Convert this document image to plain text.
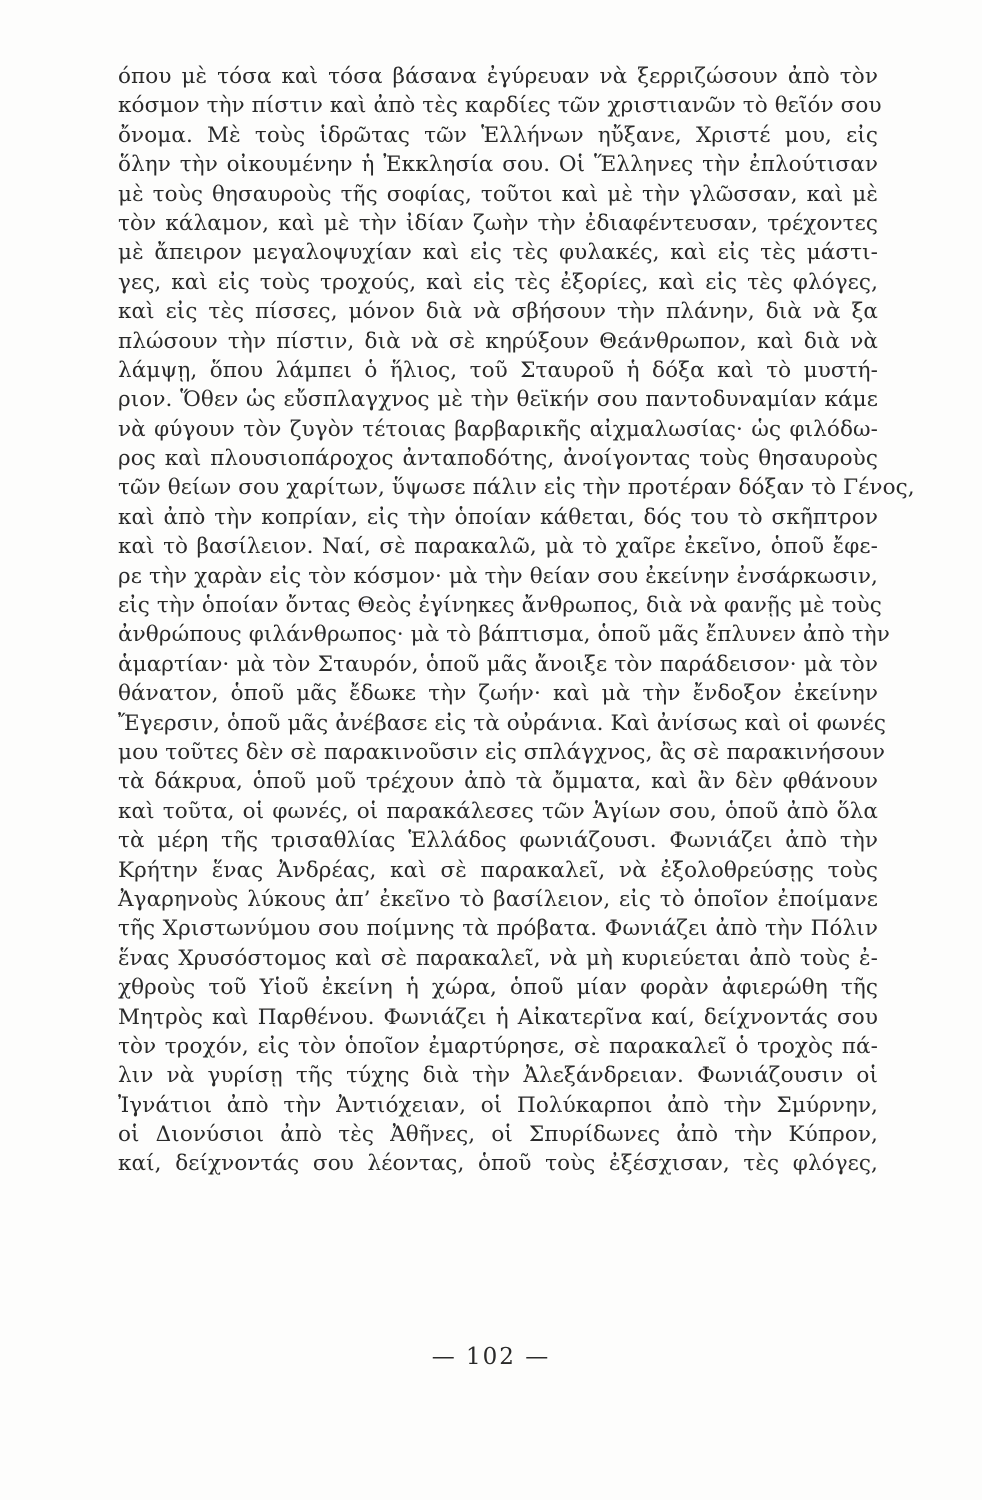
όπου μὲ τόσα καὶ τόσα βάσανα ἐγύρευαν νὰ ξερριζώσουν ἀπὸ τὸν
κόσμον τὴν πίστιν καὶ ἀπὸ τὲς καρδίες τῶν χριστιανῶν τὸ θεῖόν σου
ὄνομα. Μὲ τοὺς ἱδρῶτας τῶν Ἑλλήνων ηὔξανε, Χριστέ μου, εἰς
ὅλην τὴν οἰκουμένην ἡ Ἐκκλησία σου. Οἱ Ἕλληνες τὴν ἐπλούτισαν
μὲ τοὺς θησαυροὺς τῆς σοφίας, τοῦτοι καὶ μὲ τὴν γλῶσσαν, καὶ μὲ
τὸν κάλαμον, καὶ μὲ τὴν ἰδίαν ζωὴν τὴν ἐδιαφέντευσαν, τρέχοντες
μὲ ἄπειρον μεγαλοψυχίαν καὶ εἰς τὲς φυλακές, καὶ εἰς τὲς μάστι-
γες, καὶ εἰς τοὺς τροχούς, καὶ εἰς τὲς ἐξορίες, καὶ εἰς τὲς φλόγες,
καὶ εἰς τὲς πίσσες, μόνον διὰ νὰ σβήσουν τὴν πλάνην, διὰ νὰ ξα
πλώσουν τὴν πίστιν, διὰ νὰ σὲ κηρύξουν Θεάνθρωπον, καὶ διὰ νὰ
λάμψῃ, ὅπου λάμπει ὁ ἥλιος, τοῦ Σταυροῦ ἡ δόξα καὶ τὸ μυστή-
ριον. Ὅθεν ὡς εὔσπλαγχνος μὲ τὴν θεϊκήν σου παντοδυναμίαν κάμε
νὰ φύγουν τὸν ζυγὸν τέτοιας βαρβαρικῆς αἰχμαλωσίας· ὡς φιλόδω-
ρος καὶ πλουσιοπάροχος ἀνταποδότης, ἀνοίγοντας τοὺς θησαυροὺς
τῶν θείων σου χαρίτων, ὕψωσε πάλιν εἰς τὴν προτέραν δόξαν τὸ Γένος,
καὶ ἀπὸ τὴν κοπρίαν, εἰς τὴν ὁποίαν κάθεται, δός του τὸ σκῆπτρον
καὶ τὸ βασίλειον. Ναί, σὲ παρακαλῶ, μὰ τὸ χαῖρε ἐκεῖνο, ὁποῦ ἔφε-
ρε τὴν χαρὰν εἰς τὸν κόσμον· μὰ τὴν θείαν σου ἐκείνην ἐνσάρκωσιν,
εἰς τὴν ὁποίαν ὄντας Θεὸς ἐγίνηκες ἄνθρωπος, διὰ νὰ φανῇς μὲ τοὺς
ἀνθρώπους φιλάνθρωπος· μὰ τὸ βάπτισμα, ὁποῦ μᾶς ἔπλυνεν ἀπὸ τὴν
ἁμαρτίαν· μὰ τὸν Σταυρόν, ὁποῦ μᾶς ἄνοιξε τὸν παράδεισον· μὰ τὸν
θάνατον, ὁποῦ μᾶς ἔδωκε τὴν ζωήν· καὶ μὰ τὴν ἔνδοξον ἐκείνην
Ἔγερσιν, ὁποῦ μᾶς ἀνέβασε εἰς τὰ οὐράνια. Καὶ ἀνίσως καὶ οἱ φωνές
μου τοῦτες δὲν σὲ παρακινοῦσιν εἰς σπλάγχνος, ἂς σὲ παρακινήσουν
τὰ δάκρυα, ὁποῦ μοῦ τρέχουν ἀπὸ τὰ ὄμματα, καὶ ἂν δὲν φθάνουν
καὶ τοῦτα, οἱ φωνές, οἱ παρακάλεσες τῶν Ἁγίων σου, ὁποῦ ἀπὸ ὅλα
τὰ μέρη τῆς τρισαθλίας Ἑλλάδος φωνιάζουσι. Φωνιάζει ἀπὸ τὴν
Κρήτην ἕνας Ἀνδρέας, καὶ σὲ παρακαλεῖ, νὰ ἐξολοθρεύσῃς τοὺς
Ἀγαρηνοὺς λύκους ἀπ’ ἐκεῖνο τὸ βασίλειον, εἰς τὸ ὁποῖον ἐποίμανε
τῆς Χριστωνύμου σου ποίμνης τὰ πρόβατα. Φωνιάζει ἀπὸ τὴν Πόλιν
ἕνας Χρυσόστομος καὶ σὲ παρακαλεῖ, νὰ μὴ κυριεύεται ἀπὸ τοὺς ἐ-
χθροὺς τοῦ Υἱοῦ ἐκείνη ἡ χώρα, ὁποῦ μίαν φορὰν ἀφιερώθη τῆς
Μητρὸς καὶ Παρθένου. Φωνιάζει ἡ Αἰκατερῖνα καί, δείχνοντάς σου
τὸν τροχόν, εἰς τὸν ὁποῖον ἐμαρτύρησε, σὲ παρακαλεῖ ὁ τροχὸς πά-
λιν νὰ γυρίσῃ τῆς τύχης διὰ τὴν Ἀλεξάνδρειαν. Φωνιάζουσιν οἱ
Ἰγνάτιοι ἀπὸ τὴν Ἀντιόχειαν, οἱ Πολύκαρποι ἀπὸ τὴν Σμύρνην,
οἱ Διονύσιοι ἀπὸ τὲς Ἀθῆνες, οἱ Σπυρίδωνες ἀπὸ τὴν Κύπρον,
καί, δείχνοντάς σου λέοντας, ὁποῦ τοὺς ἐξέσχισαν, τὲς φλόγες,
— 102 —
